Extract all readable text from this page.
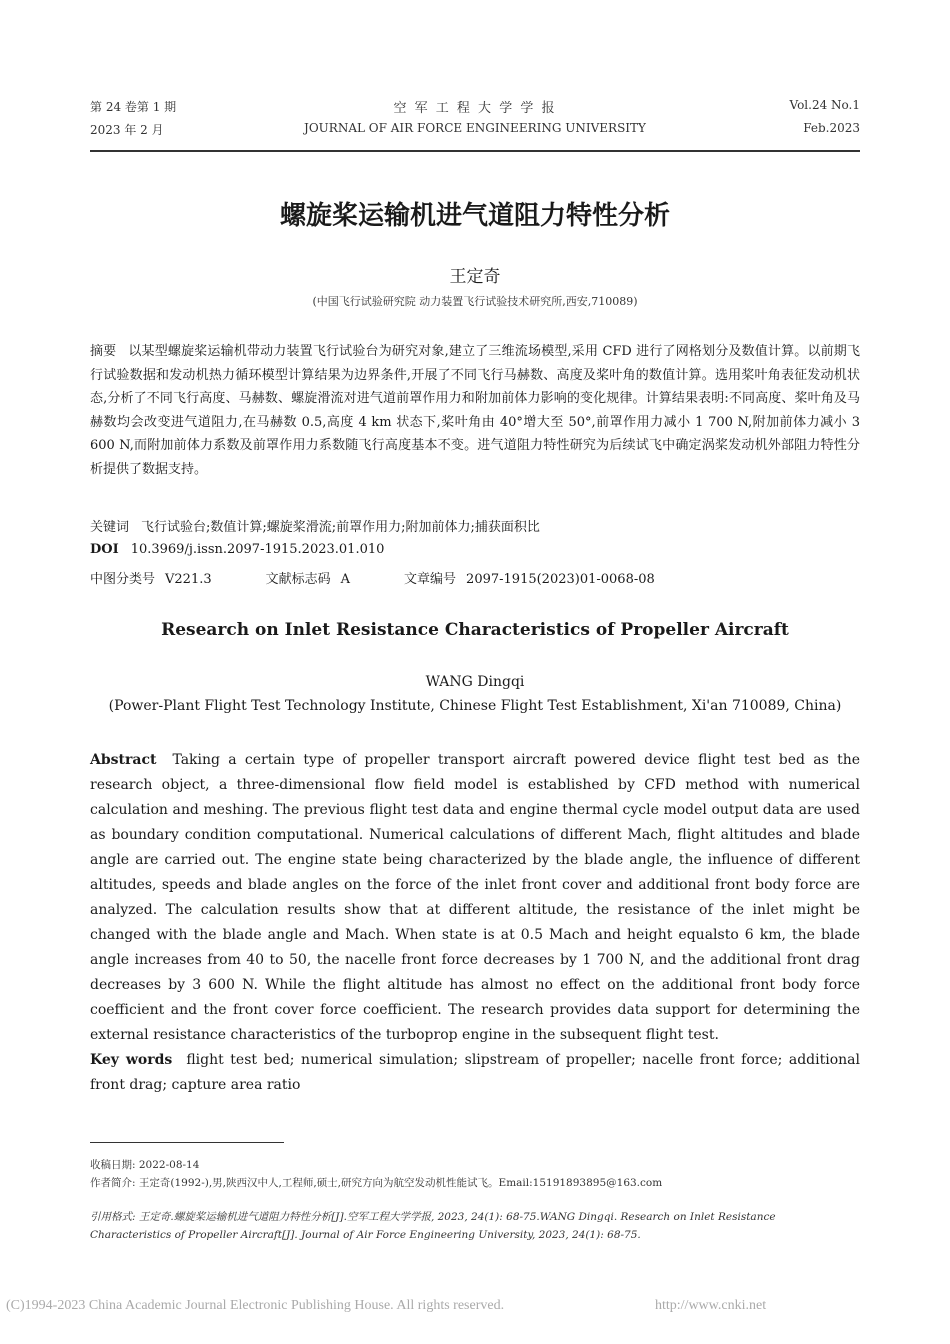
第 24 卷第 1 期
2023 年 2 月
空 军 工 程 大 学 学 报
JOURNAL OF AIR FORCE ENGINEERING UNIVERSITY
Vol.24 No.1
Feb.2023
螺旋桨运输机进气道阻力特性分析
王定奇
(中国飞行试验研究院 动力装置飞行试验技术研究所,西安,710089)
摘要 以某型螺旋桨运输机带动力装置飞行试验台为研究对象,建立了三维流场模型,采用 CFD 进行了网格划分及数值计算。以前期飞行试验数据和发动机热力循环模型计算结果为边界条件,开展了不同飞行马赫数、高度及桨叶角的数值计算。选用桨叶角表征发动机状态,分析了不同飞行高度、马赫数、螺旋滑流对进气道前罩作用力和附加前体力影响的变化规律。计算结果表明:不同高度、桨叶角及马赫数均会改变进气道阻力,在马赫数 0.5,高度 4 km 状态下,桨叶角由 40°增大至 50°,前罩作用力减小 1 700 N,附加前体力减小 3 600 N,而附加前体力系数及前罩作用力系数随飞行高度基本不变。进气道阻力特性研究为后续试飞中确定涡桨发动机外部阻力特性分析提供了数据支持。
关键词 飞行试验台;数值计算;螺旋桨滑流;前罩作用力;附加前体力;捕获面积比
DOI 10.3969/j.issn.2097-1915.2023.01.010
中图分类号 V221.3	文献标志码 A	文章编号 2097-1915(2023)01-0068-08
Research on Inlet Resistance Characteristics of Propeller Aircraft
WANG Dingqi
(Power-Plant Flight Test Technology Institute, Chinese Flight Test Establishment, Xi'an 710089, China)
Abstract Taking a certain type of propeller transport aircraft powered device flight test bed as the research object, a three-dimensional flow field model is established by CFD method with numerical calculation and meshing. The previous flight test data and engine thermal cycle model output data are used as boundary condition computational. Numerical calculations of different Mach, flight altitudes and blade angle are carried out. The engine state being characterized by the blade angle, the influence of different altitudes, speeds and blade angles on the force of the inlet front cover and additional front body force are analyzed. The calculation results show that at different altitude, the resistance of the inlet might be changed with the blade angle and Mach. When state is at 0.5 Mach and height equalsto 6 km, the blade angle increases from 40 to 50, the nacelle front force decreases by 1 700 N, and the additional front drag decreases by 3 600 N. While the flight altitude has almost no effect on the additional front body force coefficient and the front cover force coefficient. The research provides data support for determining the external resistance characteristics of the turboprop engine in the subsequent flight test.
Key words flight test bed; numerical simulation; slipstream of propeller; nacelle front force; additional front drag; capture area ratio
收稿日期: 2022-08-14
作者简介: 王定奇(1992-),男,陕西汉中人,工程师,硕士,研究方向为航空发动机性能试飞。Email:15191893895@163.com
引用格式: 王定奇.螺旋桨运输机进气道阻力特性分析[J].空军工程大学学报, 2023, 24(1): 68-75.WANG Dingqi. Research on Inlet Resistance Characteristics of Propeller Aircraft[J]. Journal of Air Force Engineering University, 2023, 24(1): 68-75.
(C)1994-2023 China Academic Journal Electronic Publishing House. All rights reserved.	http://www.cnki.net
